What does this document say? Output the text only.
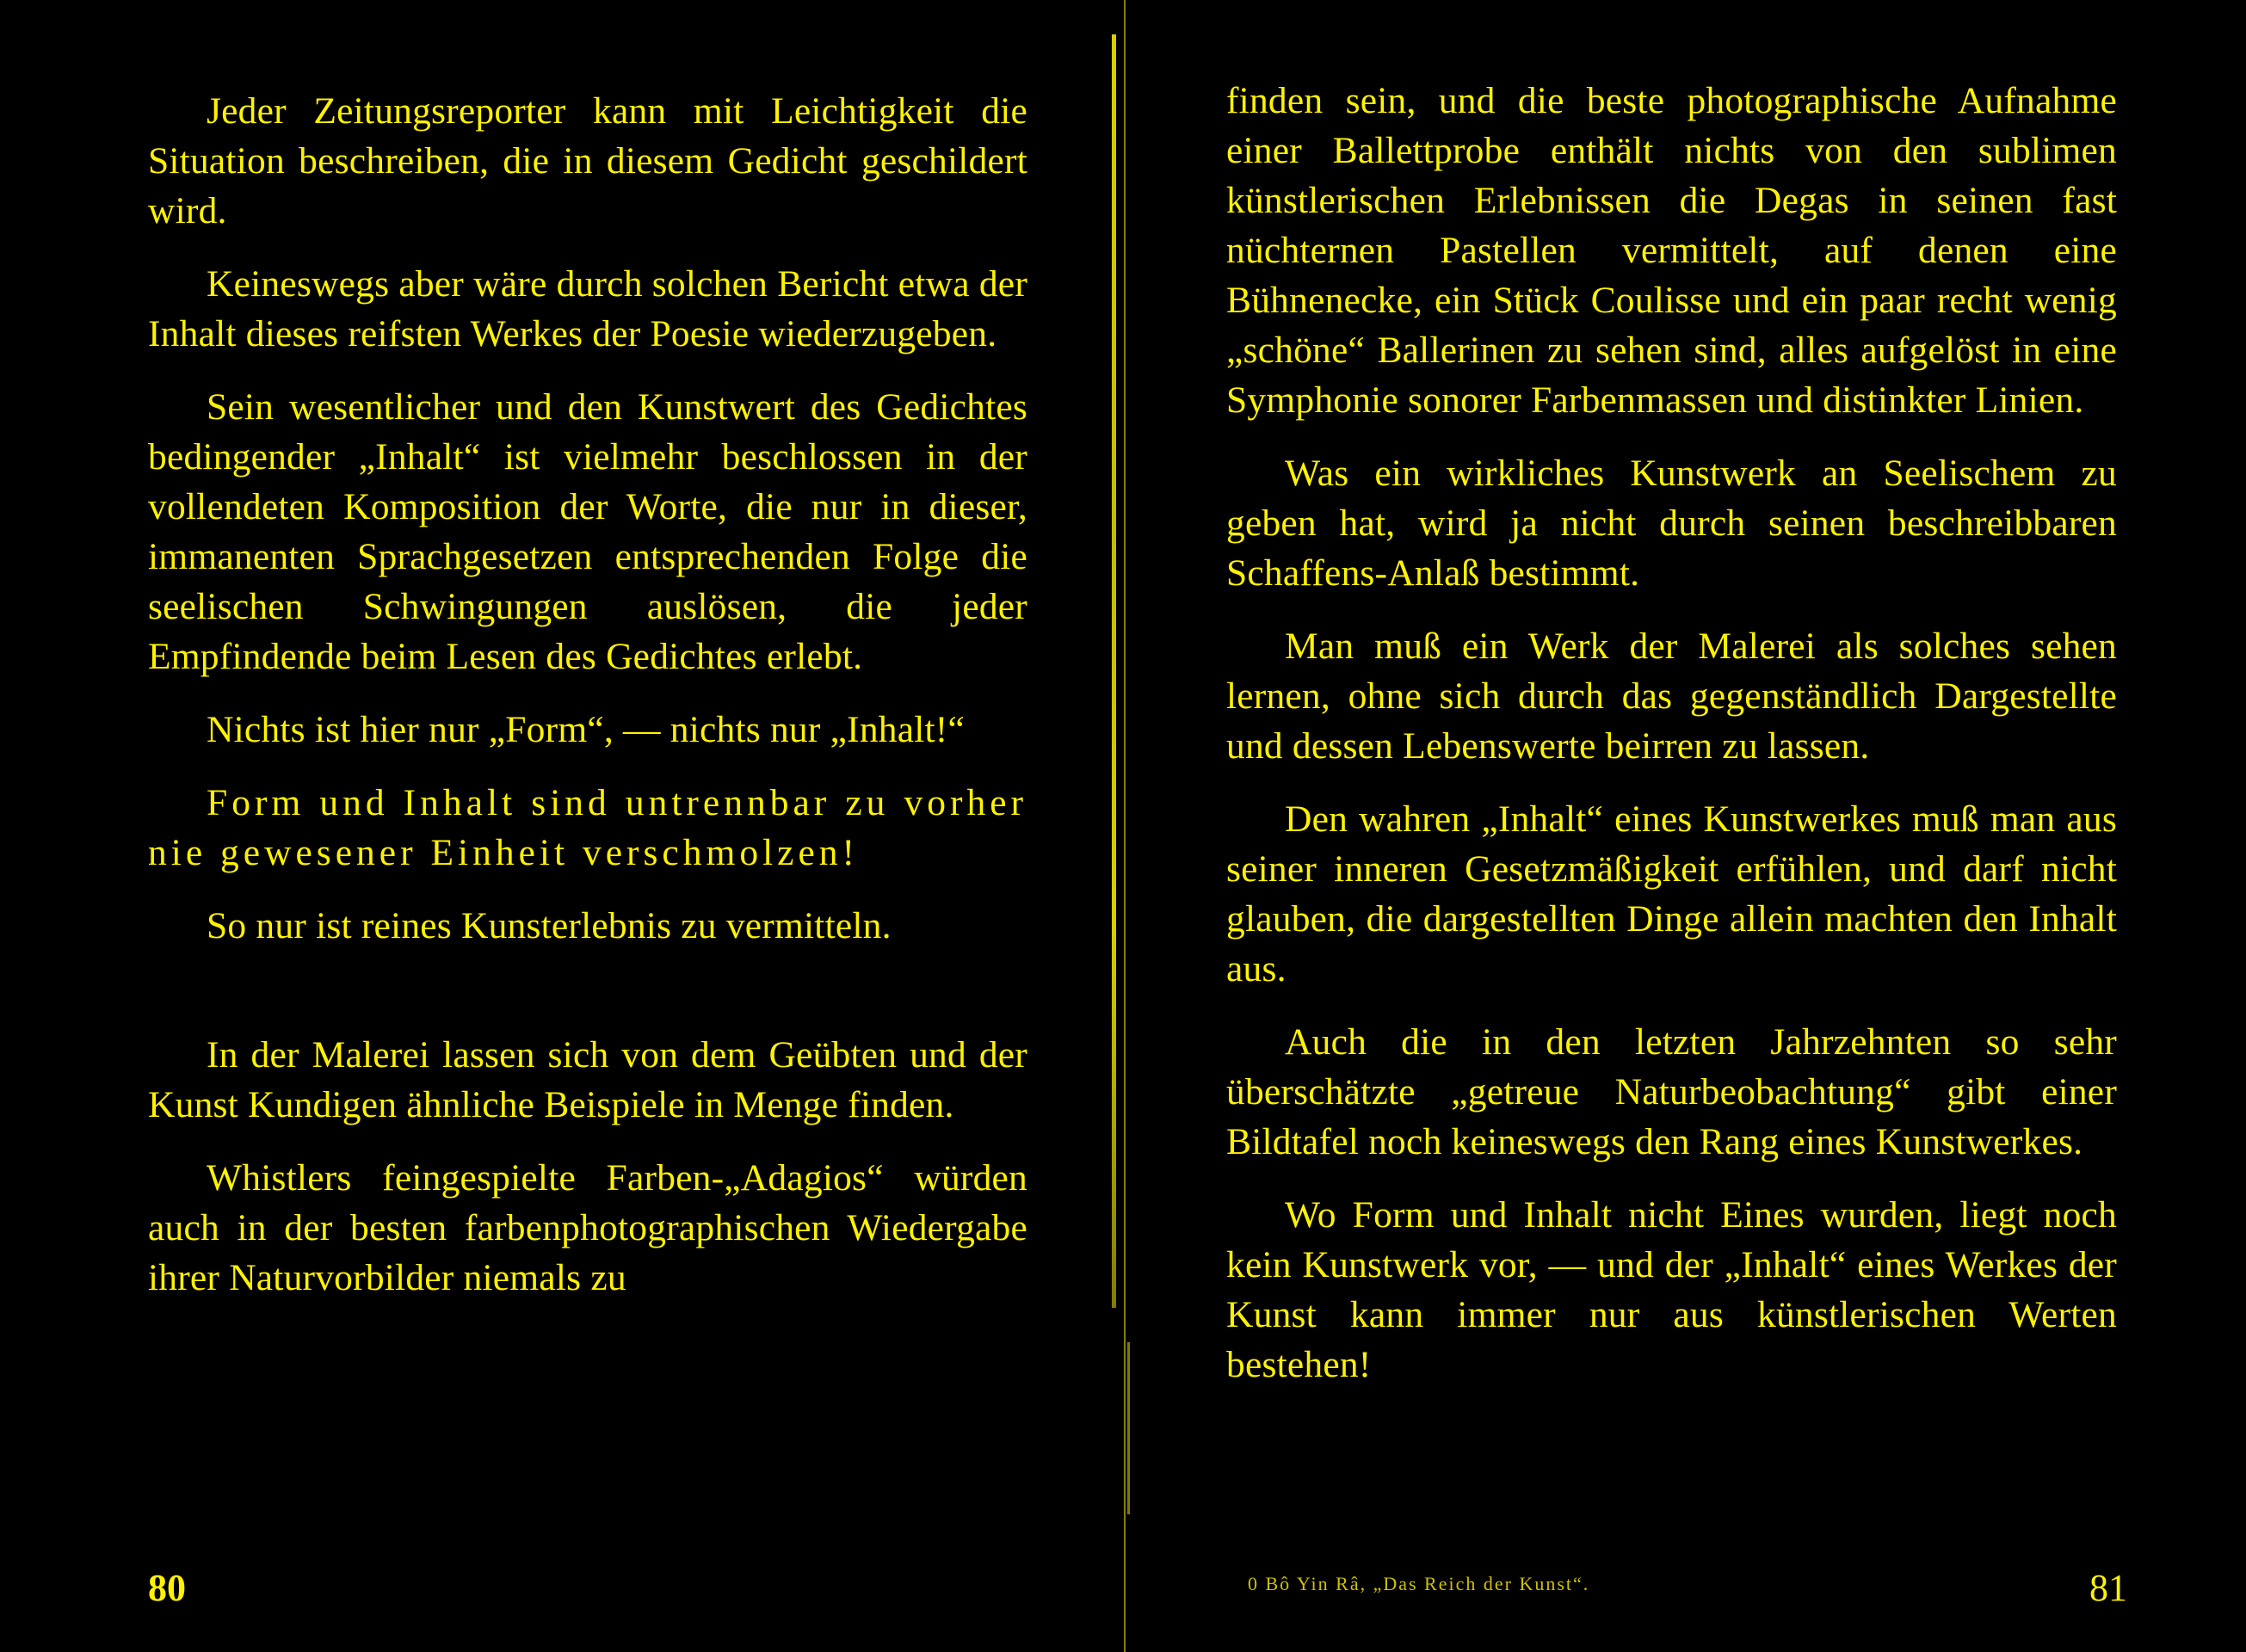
Jeder Zeitungsreporter kann mit Leichtigkeit die Situation beschreiben, die in diesem Gedicht geschildert wird.

Keineswegs aber wäre durch solchen Bericht etwa der Inhalt dieses reifsten Werkes der Poesie wiederzugeben.

Sein wesentlicher und den Kunstwert des Gedichtes bedingender „Inhalt“ ist vielmehr beschlossen in der vollendeten Komposition der Worte, die nur in dieser, immanenten Sprachgesetzen entsprechenden Folge die seelischen Schwingungen auslösen, die jeder Empfindende beim Lesen des Gedichtes erlebt.

Nichts ist hier nur „Form“, — nichts nur „Inhalt!“

Form und Inhalt sind untrennbar zu vorher nie gewesener Einheit verschmolzen!

So nur ist reines Kunsterlebnis zu vermitteln.

In der Malerei lassen sich von dem Geübten und der Kunst Kundigen ähnliche Beispiele in Menge finden.

Whistlers feingespielte Farben-„Adagios“ würden auch in der besten farbenphotographischen Wiedergabe ihrer Naturvorbilder niemals zu

80

finden sein, und die beste photographische Aufnahme einer Ballettprobe enthält nichts von den sublimen künstlerischen Erlebnissen die Degas in seinen fast nüchternen Pastellen vermittelt, auf denen eine Bühnenecke, ein Stück Coulisse und ein paar recht wenig „schöne“ Ballerinen zu sehen sind, alles aufgelöst in eine Symphonie sonorer Farbenmassen und distinkter Linien.

Was ein wirkliches Kunstwerk an Seelischem zu geben hat, wird ja nicht durch seinen beschreibbaren Schaffens-Anlaß bestimmt.

Man muß ein Werk der Malerei als solches sehen lernen, ohne sich durch das gegenständlich Dargestellte und dessen Lebenswerte beirren zu lassen.

Den wahren „Inhalt“ eines Kunstwerkes muß man aus seiner inneren Gesetzmäßigkeit erfühlen, und darf nicht glauben, die dargestellten Dinge allein machten den Inhalt aus.

Auch die in den letzten Jahrzehnten so sehr überschätzte „getreue Naturbeobachtung“ gibt einer Bildtafel noch keineswegs den Rang eines Kunstwerkes.

Wo Form und Inhalt nicht Eines wurden, liegt noch kein Kunstwerk vor, — und der „Inhalt“ eines Werkes der Kunst kann immer nur aus künstlerischen Werten bestehen!

0 Bô Yin Râ, „Das Reich der Kunst“.	81
